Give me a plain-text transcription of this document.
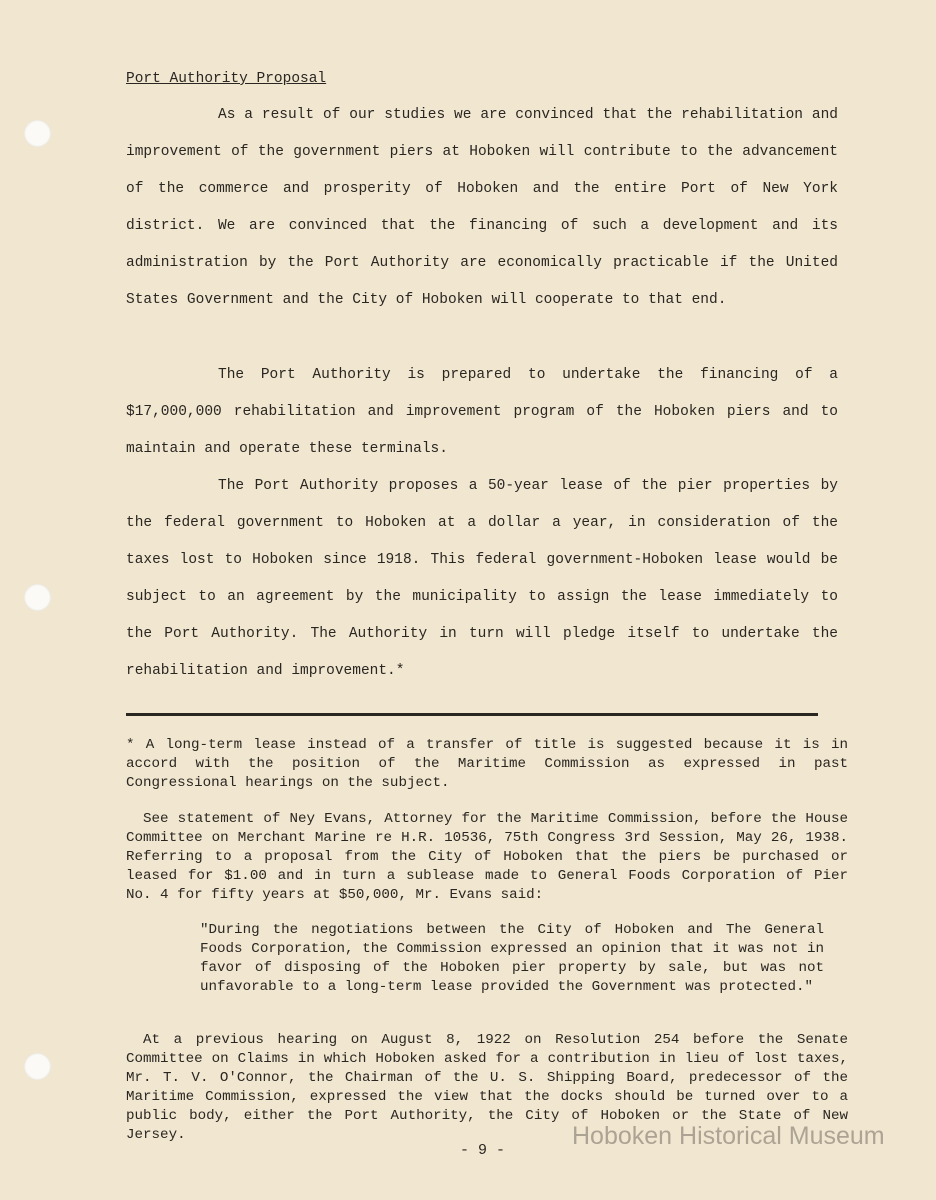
Port Authority Proposal

As a result of our studies we are convinced that the rehabilitation and improvement of the government piers at Hoboken will contribute to the advancement of the commerce and prosperity of Hoboken and the entire Port of New York district. We are convinced that the financing of such a development and its administration by the Port Authority are economically practicable if the United States Government and the City of Hoboken will cooperate to that end.

The Port Authority is prepared to undertake the financing of a $17,000,000 rehabilitation and improvement program of the Hoboken piers and to maintain and operate these terminals.

The Port Authority proposes a 50-year lease of the pier properties by the federal government to Hoboken at a dollar a year, in consideration of the taxes lost to Hoboken since 1918. This federal government-Hoboken lease would be subject to an agreement by the municipality to assign the lease immediately to the Port Authority. The Authority in turn will pledge itself to undertake the rehabilitation and improvement.*

* A long-term lease instead of a transfer of title is suggested because it is in accord with the position of the Maritime Commission as expressed in past Congressional hearings on the subject.

See statement of Ney Evans, Attorney for the Maritime Commission, before the House Committee on Merchant Marine re H.R. 10536, 75th Congress 3rd Session, May 26, 1938. Referring to a proposal from the City of Hoboken that the piers be purchased or leased for $1.00 and in turn a sublease made to General Foods Corporation of Pier No. 4 for fifty years at $50,000, Mr. Evans said:

"During the negotiations between the City of Hoboken and The General Foods Corporation, the Commission expressed an opinion that it was not in favor of disposing of the Hoboken pier property by sale, but was not unfavorable to a long-term lease provided the Government was protected."

At a previous hearing on August 8, 1922 on Resolution 254 before the Senate Committee on Claims in which Hoboken asked for a contribution in lieu of lost taxes, Mr. T. V. O'Connor, the Chairman of the U. S. Shipping Board, predecessor of the Maritime Commission, expressed the view that the docks should be turned over to a public body, either the Port Authority, the City of Hoboken or the State of New Jersey.

- 9 -
Hoboken Historical Museum
